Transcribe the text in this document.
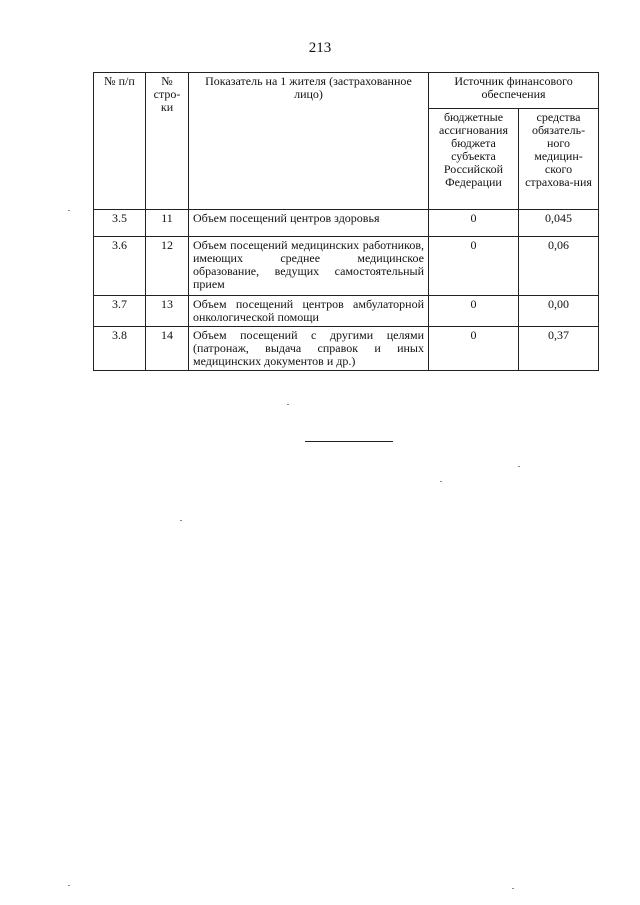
213
№ п/п	№ стро-ки	Показатель на 1 жителя (застрахованное лицо)	Источник финансового обеспечения	
			бюджетные ассигнования бюджета субъекта Российской Федерации	средства обязатель-ного медицин-ского страхова-ния
3.5	11	Объем посещений центров здоровья	0	0,045
3.6	12	Объем посещений медицинских работников, имеющих среднее медицинское образование, ведущих самостоятельный прием	0	0,06
3.7	13	Объем посещений центров амбулаторной онкологической помощи	0	0,00
3.8	14	Объем посещений с другими целями (патронаж, выдача справок и иных медицинских документов и др.)	0	0,37
